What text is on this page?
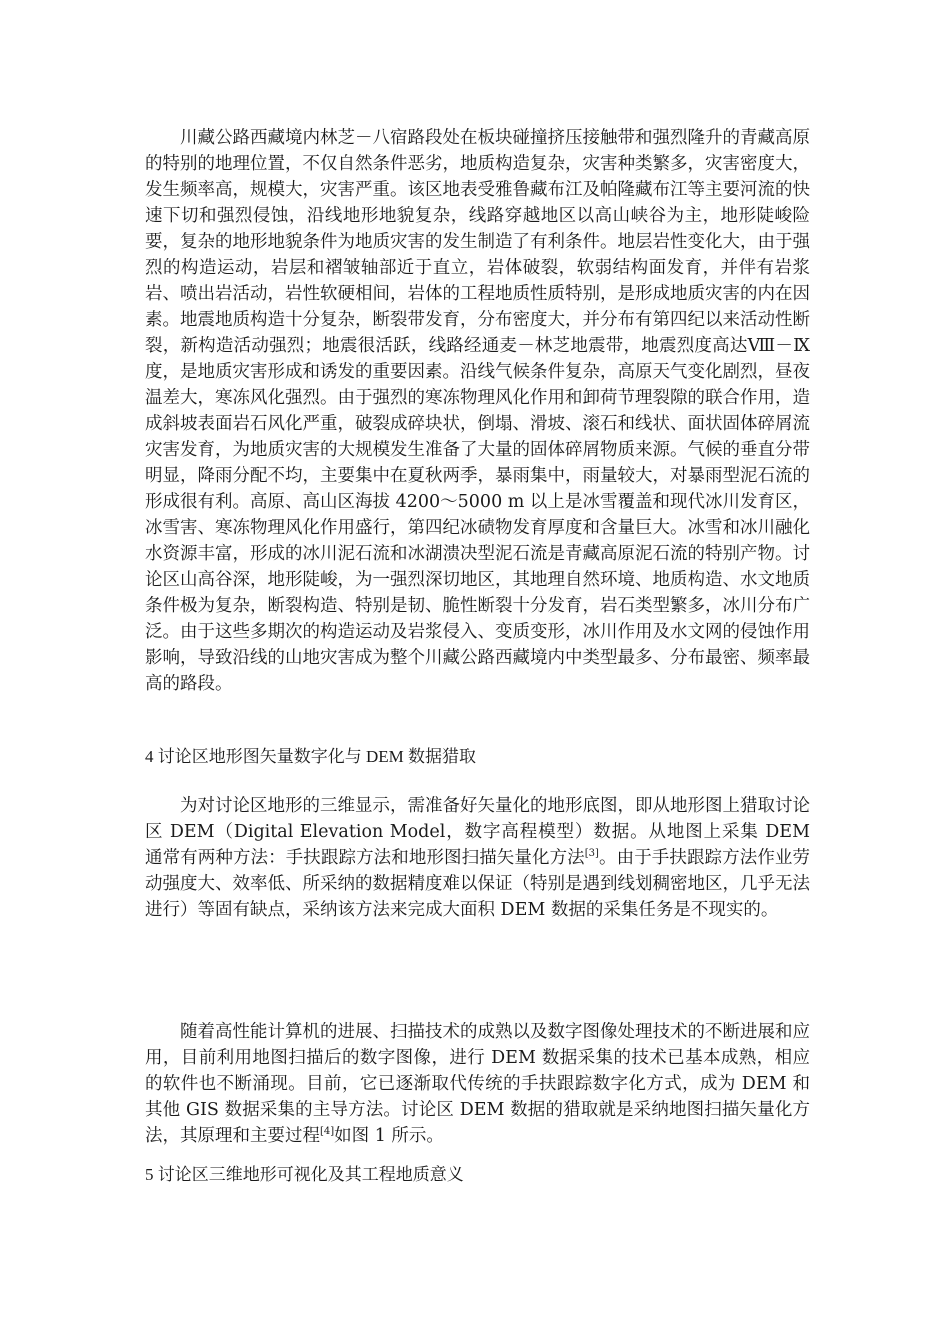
川藏公路西藏境内林芝－八宿路段处在板块碰撞挤压接触带和强烈隆升的青藏高原的特别的地理位置，不仅自然条件恶劣，地质构造复杂，灾害种类繁多，灾害密度大，发生频率高，规模大，灾害严重。该区地表受雅鲁藏布江及帕隆藏布江等主要河流的快速下切和强烈侵蚀，沿线地形地貌复杂，线路穿越地区以高山峡谷为主，地形陡峻险要，复杂的地形地貌条件为地质灾害的发生制造了有利条件。地层岩性变化大，由于强烈的构造运动，岩层和褶皱轴部近于直立，岩体破裂，软弱结构面发育，并伴有岩浆岩、喷出岩活动，岩性软硬相间，岩体的工程地质性质特别，是形成地质灾害的内在因素。地震地质构造十分复杂，断裂带发育，分布密度大，并分布有第四纪以来活动性断裂，新构造活动强烈；地震很活跃，线路经通麦－林芝地震带，地震烈度高达Ⅷ－Ⅸ度，是地质灾害形成和诱发的重要因素。沿线气候条件复杂，高原天气变化剧烈，昼夜温差大，寒冻风化强烈。由于强烈的寒冻物理风化作用和卸荷节理裂隙的联合作用，造成斜坡表面岩石风化严重，破裂成碎块状，倒塌、滑坡、滚石和线状、面状固体碎屑流灾害发育，为地质灾害的大规模发生准备了大量的固体碎屑物质来源。气候的垂直分带明显，降雨分配不均，主要集中在夏秋两季，暴雨集中，雨量较大，对暴雨型泥石流的形成很有利。高原、高山区海拔 4200～5000 m 以上是冰雪覆盖和现代冰川发育区，冰雪害、寒冻物理风化作用盛行，第四纪冰碛物发育厚度和含量巨大。冰雪和冰川融化水资源丰富，形成的冰川泥石流和冰湖溃决型泥石流是青藏高原泥石流的特别产物。讨论区山高谷深，地形陡峻，为一强烈深切地区，其地理自然环境、地质构造、水文地质条件极为复杂，断裂构造、特别是韧、脆性断裂十分发育，岩石类型繁多，冰川分布广泛。由于这些多期次的构造运动及岩浆侵入、变质变形，冰川作用及水文网的侵蚀作用影响，导致沿线的山地灾害成为整个川藏公路西藏境内中类型最多、分布最密、频率最高的路段。

4 讨论区地形图矢量数字化与 DEM 数据猎取

为对讨论区地形的三维显示，需准备好矢量化的地形底图，即从地形图上猎取讨论区 DEM（Digital Elevation Model，数字高程模型）数据。从地图上采集 DEM 通常有两种方法：手扶跟踪方法和地形图扫描矢量化方法[3]。由于手扶跟踪方法作业劳动强度大、效率低、所采纳的数据精度难以保证（特别是遇到线划稠密地区，几乎无法进行）等固有缺点，采纳该方法来完成大面积 DEM 数据的采集任务是不现实的。

随着高性能计算机的进展、扫描技术的成熟以及数字图像处理技术的不断进展和应用，目前利用地图扫描后的数字图像，进行 DEM 数据采集的技术已基本成熟，相应的软件也不断涌现。目前，它已逐渐取代传统的手扶跟踪数字化方式，成为 DEM 和其他 GIS 数据采集的主导方法。讨论区 DEM 数据的猎取就是采纳地图扫描矢量化方法，其原理和主要过程[4]如图 1 所示。

5 讨论区三维地形可视化及其工程地质意义
